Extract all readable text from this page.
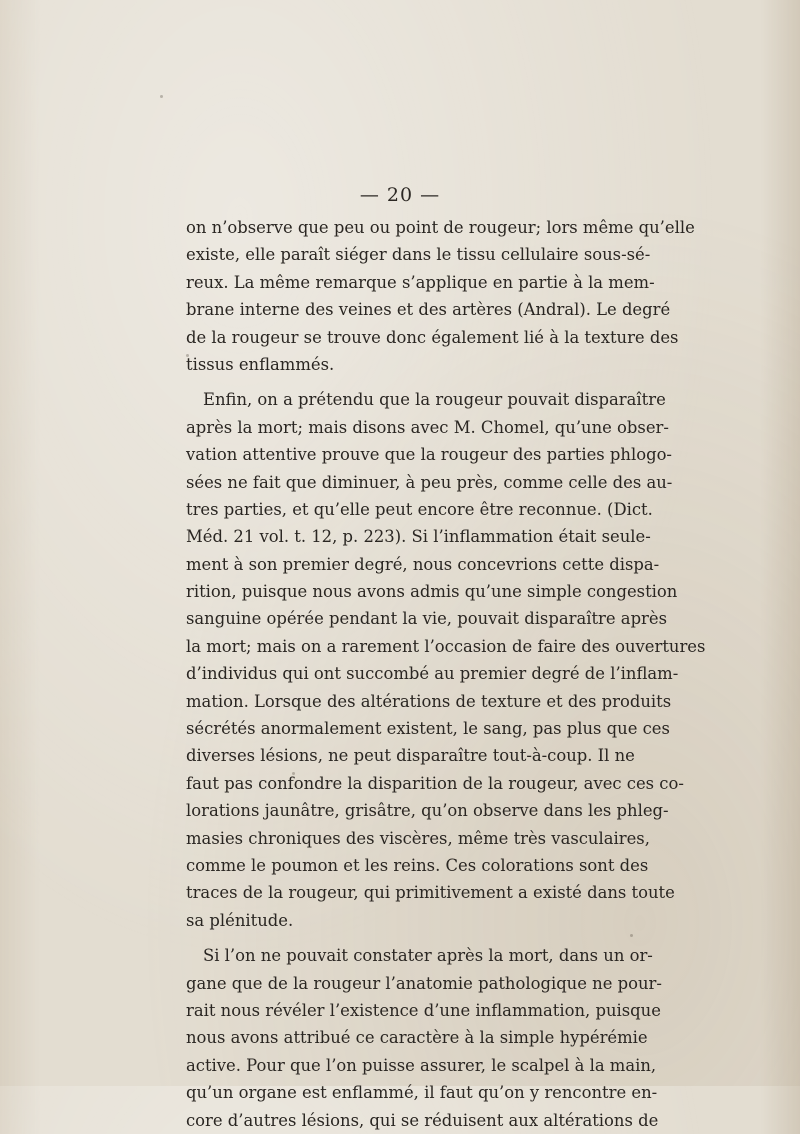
— 20 —
on n’observe que peu ou point de rougeur; lors même qu’elle
existe, elle paraît siéger dans le tissu cellulaire sous-sé-
reux. La même remarque s’applique en partie à la mem-
brane interne des veines et des artères (Andral). Le degré
de la rougeur se trouve donc également lié à la texture des
tissus enflammés.
Enfin, on a prétendu que la rougeur pouvait disparaître
après la mort; mais disons avec M. Chomel, qu’une obser-
vation attentive prouve que la rougeur des parties phlogo-
sées ne fait que diminuer, à peu près, comme celle des au-
tres parties, et qu’elle peut encore être reconnue. (Dict.
Méd. 21 vol. t. 12, p. 223). Si l’inflammation était seule-
ment à son premier degré, nous concevrions cette dispa-
rition, puisque nous avons admis qu’une simple congestion
sanguine opérée pendant la vie, pouvait disparaître après
la mort; mais on a rarement l’occasion de faire des ouvertures
d’individus qui ont succombé au premier degré de l’inflam-
mation. Lorsque des altérations de texture et des produits
sécrétés anormalement existent, le sang, pas plus que ces
diverses lésions, ne peut disparaître tout-à-coup. Il ne
faut pas confondre la disparition de la rougeur, avec ces co-
lorations jaunâtre, grisâtre, qu’on observe dans les phleg-
masies chroniques des viscères, même très vasculaires,
comme le poumon et les reins. Ces colorations sont des
traces de la rougeur, qui primitivement a existé dans toute
sa plénitude.
Si l’on ne pouvait constater après la mort, dans un or-
gane que de la rougeur l’anatomie pathologique ne pour-
rait nous révéler l’existence d’une inflammation, puisque
nous avons attribué ce caractère à la simple hypérémie
active. Pour que l’on puisse assurer, le scalpel à la main,
qu’un organe est enflammé, il faut qu’on y rencontre en-
core d’autres lésions, qui se réduisent aux altérations de
